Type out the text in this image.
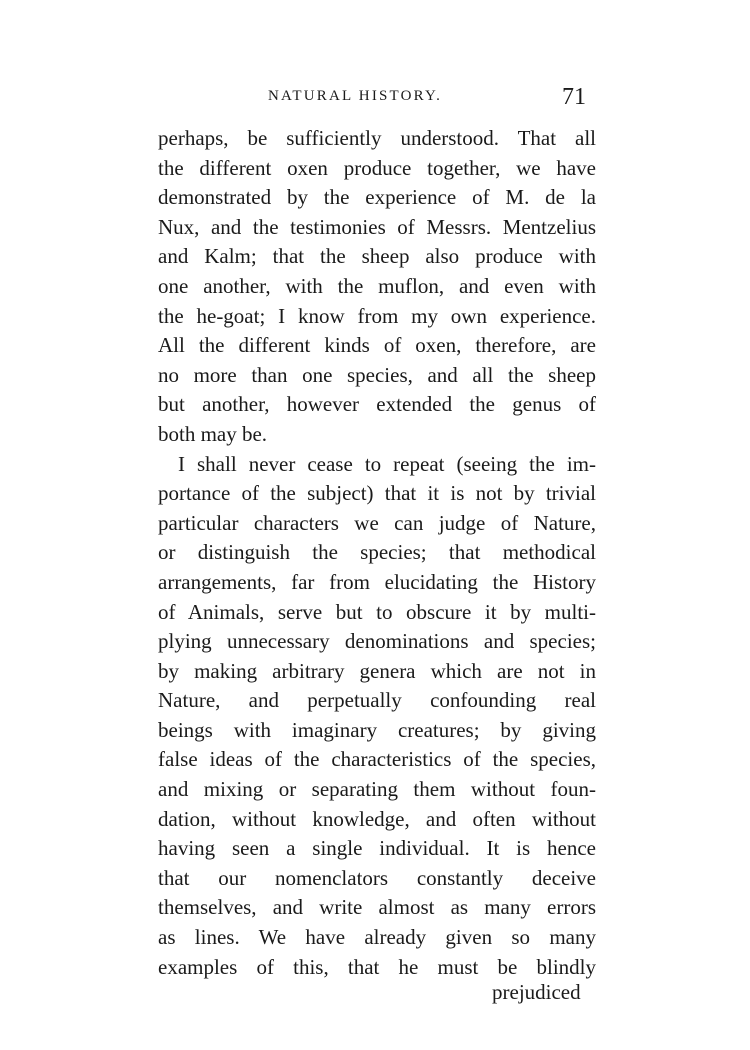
NATURAL HISTORY.	71
perhaps, be sufficiently understood. That all
the different oxen produce together, we have
demonstrated by the experience of M. de la
Nux, and the testimonies of Messrs. Mentzelius
and Kalm; that the sheep also produce with
one another, with the muflon, and even with
the he-goat; I know from my own experience.
All the different kinds of oxen, therefore, are
no more than one species, and all the sheep
but another, however extended the genus of
both may be.
I shall never cease to repeat (seeing the im-
portance of the subject) that it is not by trivial
particular characters we can judge of Nature,
or distinguish the species; that methodical
arrangements, far from elucidating the History
of Animals, serve but to obscure it by multi-
plying unnecessary denominations and species;
by making arbitrary genera which are not in
Nature, and perpetually confounding real
beings with imaginary creatures; by giving
false ideas of the characteristics of the species,
and mixing or separating them without foun-
dation, without knowledge, and often without
having seen a single individual. It is hence
that our nomenclators constantly deceive
themselves, and write almost as many errors
as lines. We have already given so many
examples of this, that he must be blindly
prejudiced
